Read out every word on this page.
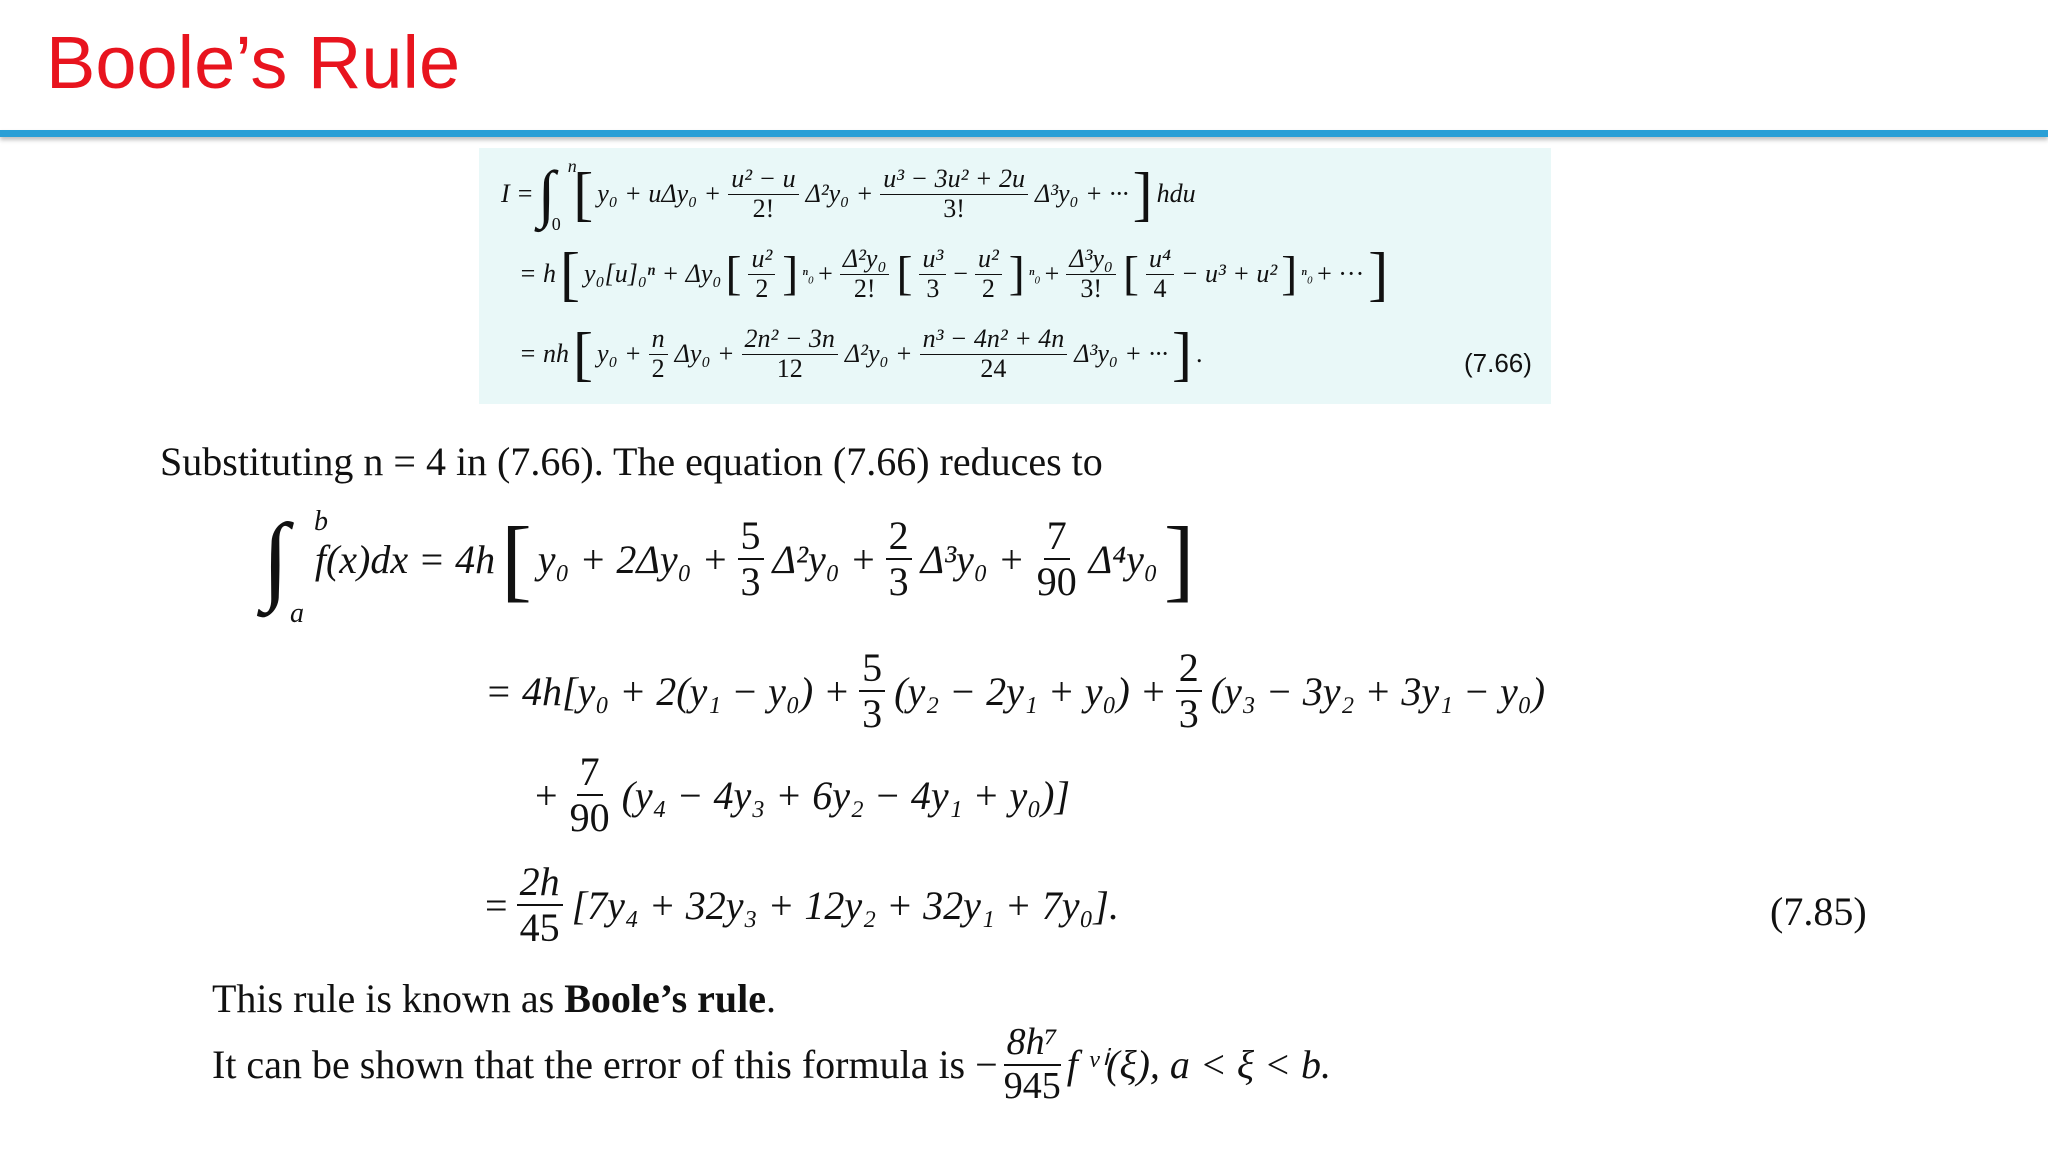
Boole’s Rule
I = ∫ n
0 [ $y_0 + u\Delta y_0 + \frac{\text{u² − u}}{2!} \Delta^2y_0 + \frac{\text{u³ − 3u² + 2u}}{3!} \Delta^3y_0$ + ··· ] hdu
= h [ y₀[u]₀ⁿ + Δy₀ [ $\frac{\text{u²}}{2}$ ] $^n_0 + \frac{\text{Δ²y₀}}{2!}$ [ $\frac{\text{u³}}{3} - \frac{\text{u²}}{2}$ ] $^n_0 + \frac{\text{Δ³y₀}}{3!}$ [ $\frac{\text{u⁴}}{4} - u^3 + u^2$ ] ⁿ₀ + ··· ]
= nh [ $y_0 + \frac{n}{2} \Delta y_0 + \frac{\text{2n² − 3n}}{12} \Delta^2y_0 + \frac{\text{n³ − 4n² + 4n}}{24} \Delta^3y_0$ + ··· ] .	(7.66)
Substituting n = 4 in (7.66). The equation (7.66) reduces to
∫ b
a
f(x)dx = 4h [ $y_0 + 2\Delta y_0 + \frac{5}{3} \Delta^2y_0 + \frac{2}{3} \Delta^3y_0 + \frac{7}{90} \Delta^4y_0$ ]
= $4h[y_0 + 2(y_1 - y_0) + \frac{5}{3} (y_2 - 2y_1 + y_0) + \frac{2}{3} (y_3 - 3y_2 + 3y_1 - y_0)$
+ $\frac{7}{90} (y_4 - 4y_3 + 6y_2 - 4y_1 + y_0)$]
= $\frac{2h}{45} [7y_4 + 32y_3 + 12y_2 + 32y_1 + 7y_0]$.	(7.85)
This rule is known as Boole’s rule.
It can be shown that the error of this formula is − $\frac{\text{8h⁷}}{945}$ f ᵛⁱ(ξ), a < ξ < b.
